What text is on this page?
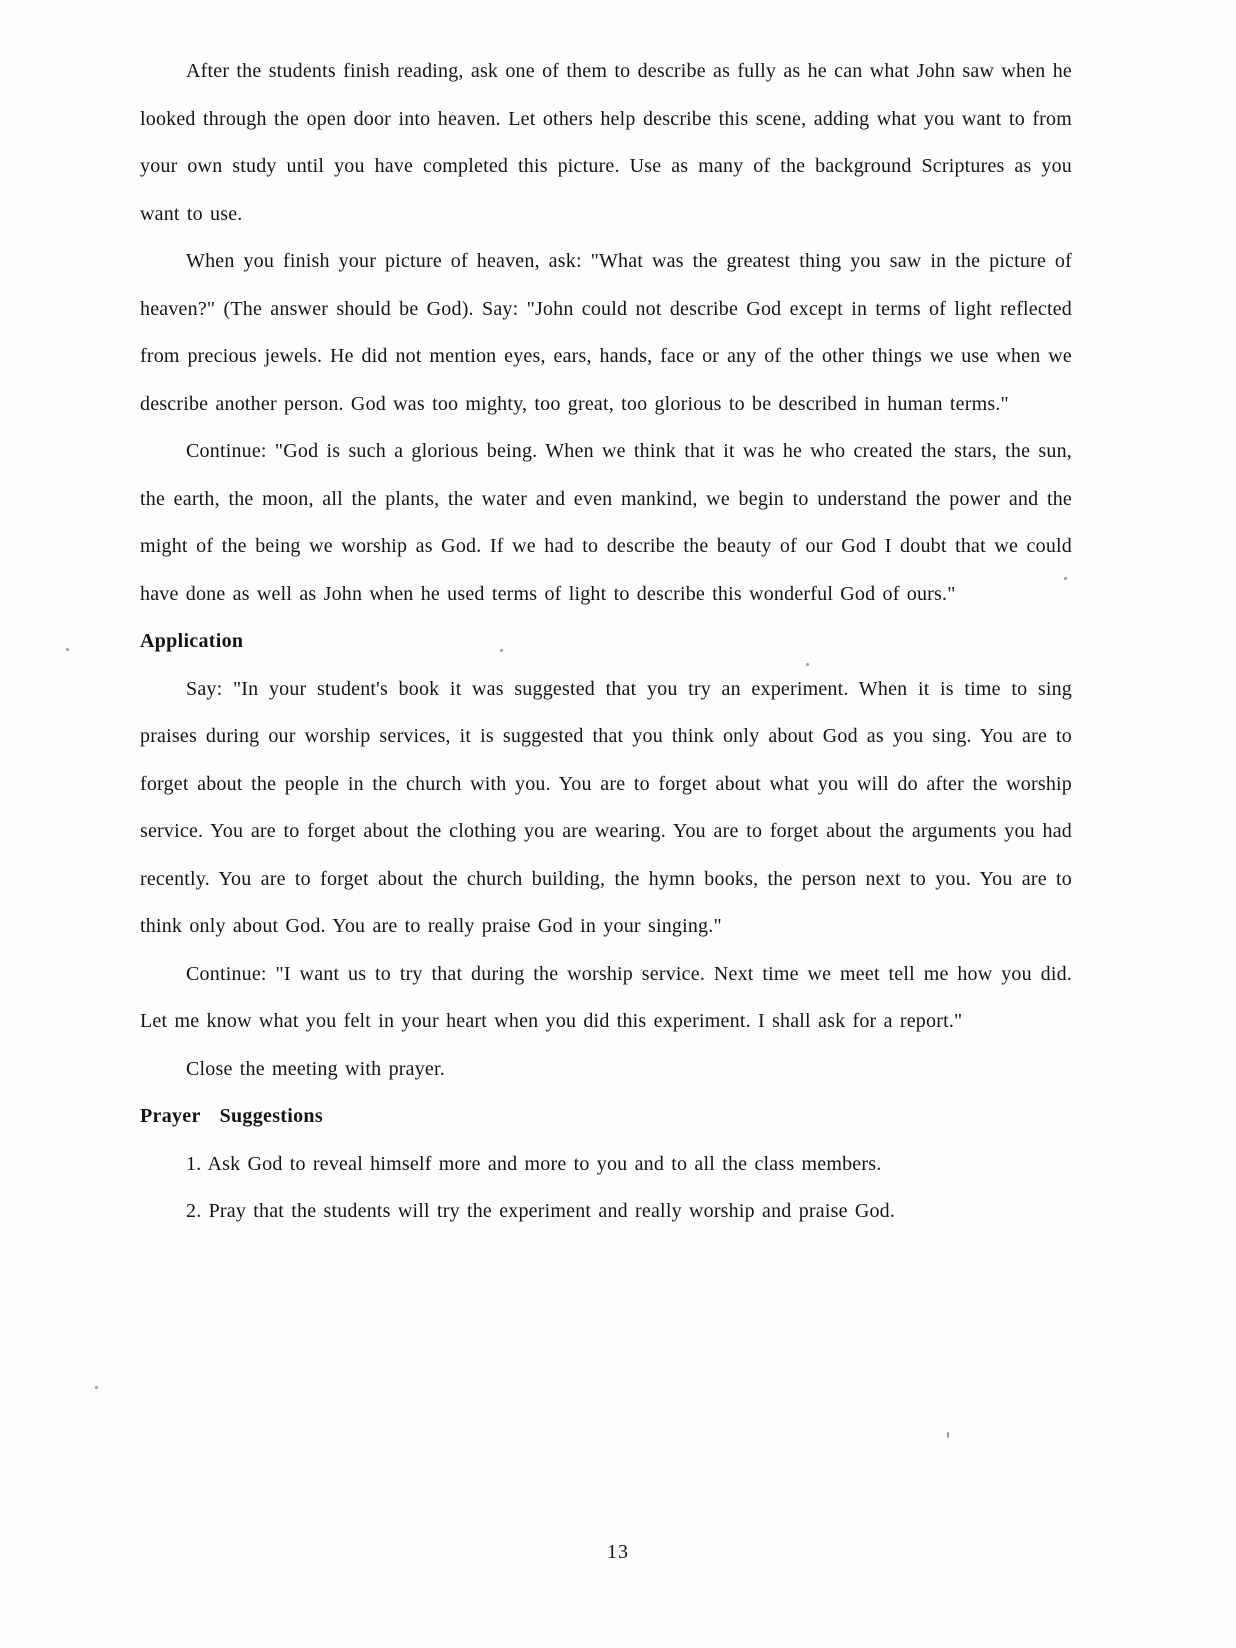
After the students finish reading, ask one of them to describe as fully as he can what John saw when he looked through the open door into heaven. Let others help describe this scene, adding what you want to from your own study until you have completed this picture. Use as many of the background Scriptures as you want to use.

When you finish your picture of heaven, ask: "What was the greatest thing you saw in the picture of heaven?" (The answer should be God). Say: "John could not describe God except in terms of light reflected from precious jewels. He did not mention eyes, ears, hands, face or any of the other things we use when we describe another person. God was too mighty, too great, too glorious to be described in human terms."

Continue: "God is such a glorious being. When we think that it was he who created the stars, the sun, the earth, the moon, all the plants, the water and even mankind, we begin to understand the power and the might of the being we worship as God. If we had to describe the beauty of our God I doubt that we could have done as well as John when he used terms of light to describe this wonderful God of ours."

Application

Say: "In your student's book it was suggested that you try an experiment. When it is time to sing praises during our worship services, it is suggested that you think only about God as you sing. You are to forget about the people in the church with you. You are to forget about what you will do after the worship service. You are to forget about the clothing you are wearing. You are to forget about the arguments you had recently. You are to forget about the church building, the hymn books, the person next to you. You are to think only about God. You are to really praise God in your singing."

Continue: "I want us to try that during the worship service. Next time we meet tell me how you did. Let me know what you felt in your heart when you did this experiment. I shall ask for a report."

Close the meeting with prayer.

Prayer Suggestions

1. Ask God to reveal himself more and more to you and to all the class members.

2. Pray that the students will try the experiment and really worship and praise God.

13
